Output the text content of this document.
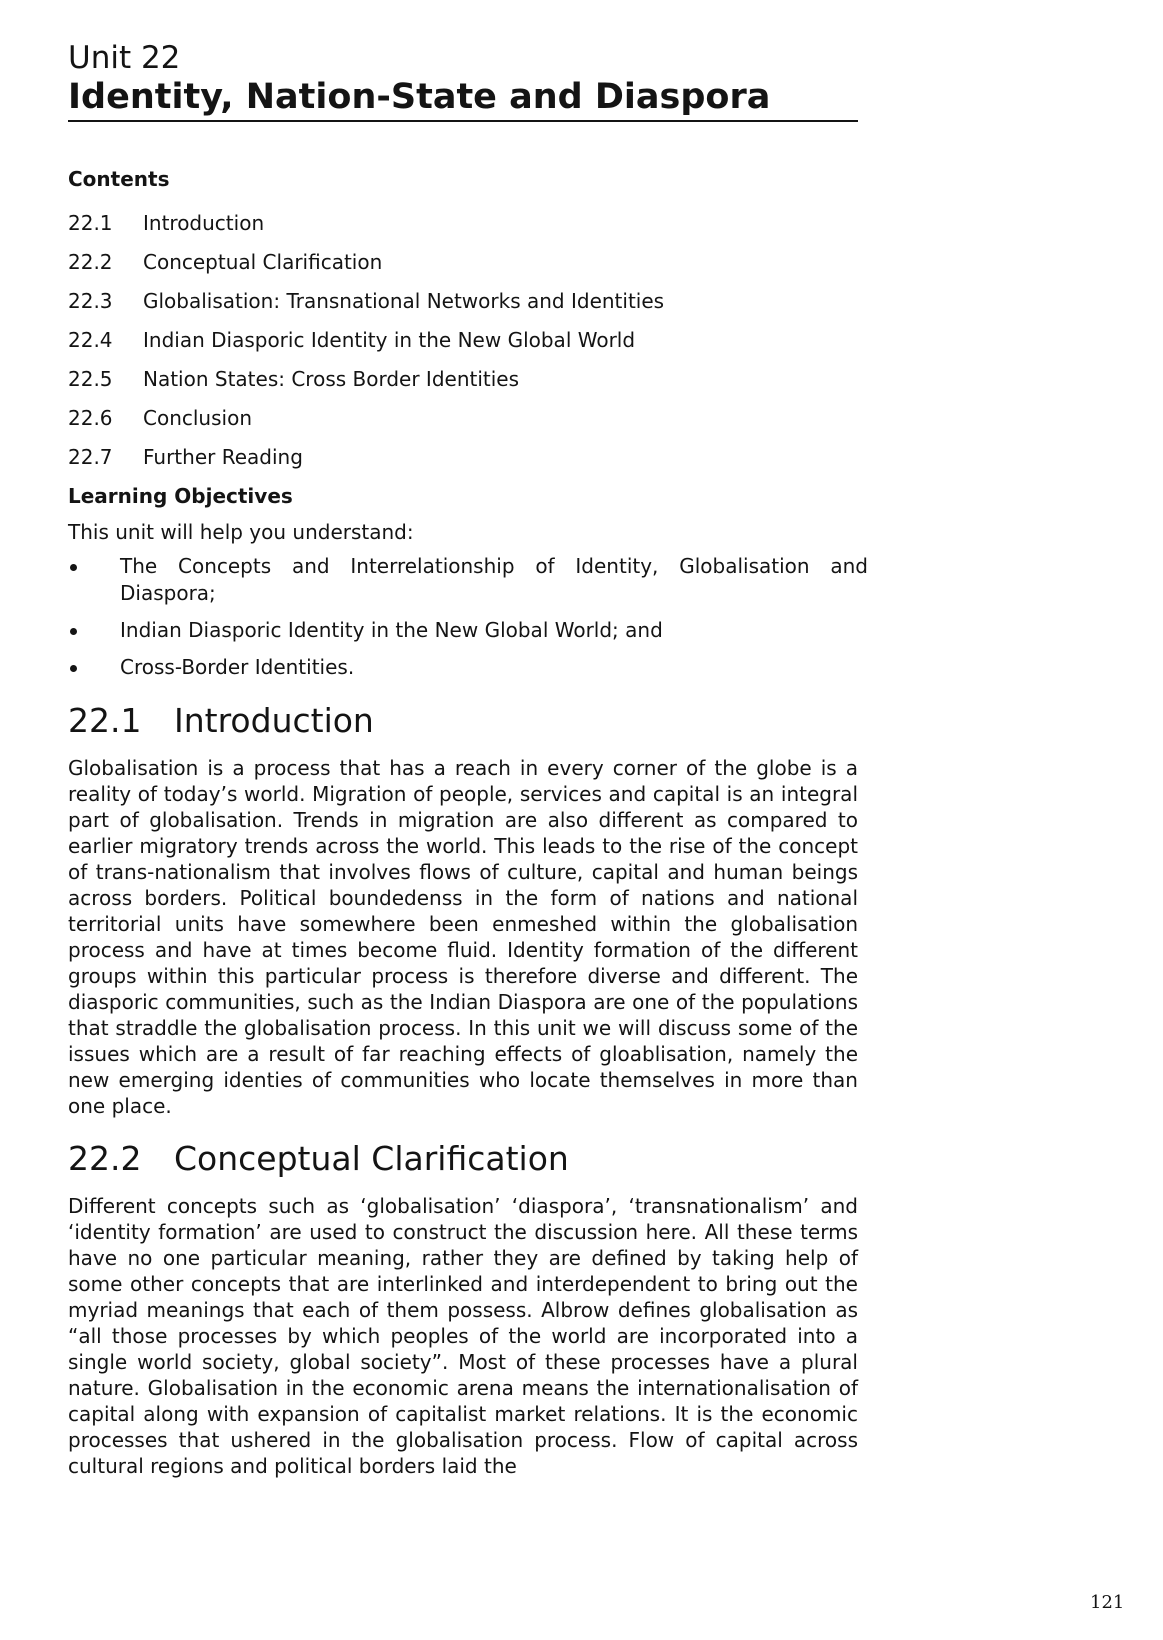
Unit 22
Identity, Nation-State and Diaspora
Contents
22.1	Introduction
22.2	Conceptual Clarification
22.3	Globalisation: Transnational Networks and Identities
22.4	Indian Diasporic Identity in the New Global World
22.5	Nation States: Cross Border Identities
22.6	Conclusion
22.7	Further Reading
Learning Objectives

This unit will help you understand:

The Concepts and Interrelationship of Identity, Globalisation and Diaspora;
Indian Diasporic Identity in the New Global World; and
Cross-Border Identities.
22.1 Introduction

Globalisation is a process that has a reach in every corner of the globe is a reality of today’s world. Migration of people, services and capital is an integral part of globalisation. Trends in migration are also different as compared to earlier migratory trends across the world. This leads to the rise of the concept of trans-nationalism that involves flows of culture, capital and human beings across borders. Political boundedenss in the form of nations and national territorial units have somewhere been enmeshed within the globalisation process and have at times become fluid. Identity formation of the different groups within this particular process is therefore diverse and different. The diasporic communities, such as the Indian Diaspora are one of the populations that straddle the globalisation process. In this unit we will discuss some of the issues which are a result of far reaching effects of gloablisation, namely the new emerging identies of communities who locate themselves in more than one place.

22.2 Conceptual Clarification

Different concepts such as ‘globalisation’ ‘diaspora’, ‘transnationalism’ and ‘identity formation’ are used to construct the discussion here. All these terms have no one particular meaning, rather they are defined by taking help of some other concepts that are interlinked and interdependent to bring out the myriad meanings that each of them possess. Albrow defines globalisation as “all those processes by which peoples of the world are incorporated into a single world society, global society”. Most of these processes have a plural nature. Globalisation in the economic arena means the internationalisation of capital along with expansion of capitalist market relations. It is the economic processes that ushered in the globalisation process. Flow of capital across cultural regions and political borders laid the

121
